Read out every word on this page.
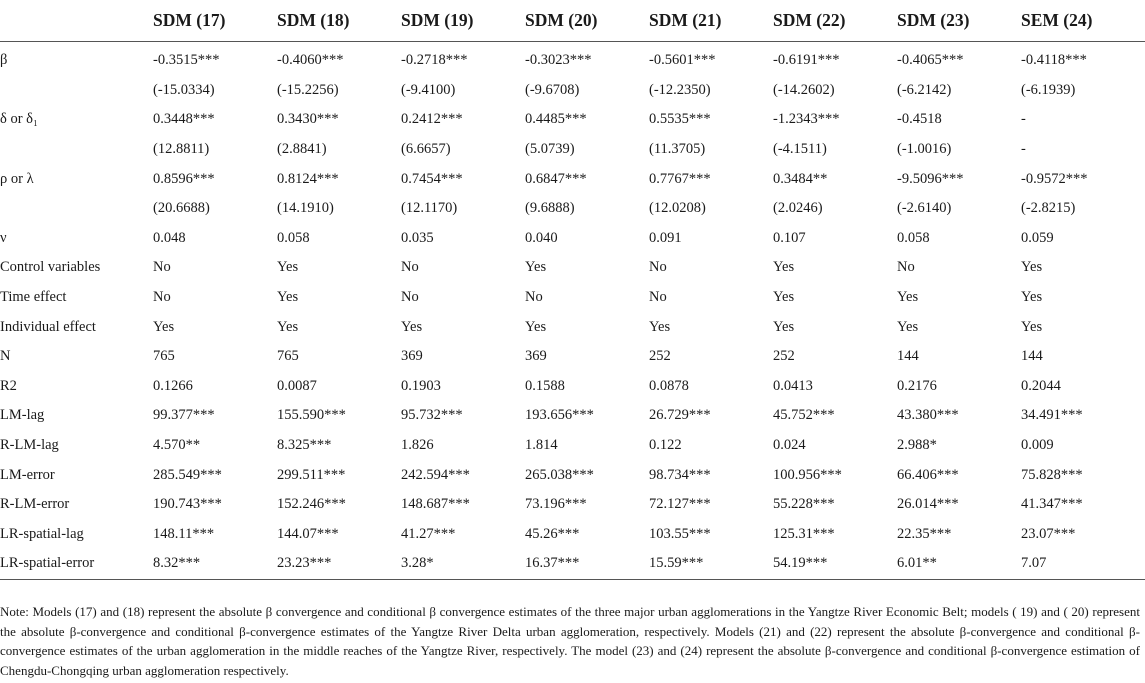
	SDM (17)	SDM (18)	SDM (19)	SDM (20)	SDM (21)	SDM (22)	SDM (23)	SEM (24)
β	-0.3515***	-0.4060***	-0.2718***	-0.3023***	-0.5601***	-0.6191***	-0.4065***	-0.4118***
	(-15.0334)	(-15.2256)	(-9.4100)	(-9.6708)	(-12.2350)	(-14.2602)	(-6.2142)	(-6.1939)
δ or δ₁	0.3448***	0.3430***	0.2412***	0.4485***	0.5535***	-1.2343***	-0.4518	-
	(12.8811)	(2.8841)	(6.6657)	(5.0739)	(11.3705)	(-4.1511)	(-1.0016)	-
ρ or λ	0.8596***	0.8124***	0.7454***	0.6847***	0.7767***	0.3484**	-9.5096***	-0.9572***
	(20.6688)	(14.1910)	(12.1170)	(9.6888)	(12.0208)	(2.0246)	(-2.6140)	(-2.8215)
ν	0.048	0.058	0.035	0.040	0.091	0.107	0.058	0.059
Control variables	No	Yes	No	Yes	No	Yes	No	Yes
Time effect	No	Yes	No	No	No	Yes	Yes	Yes
Individual effect	Yes	Yes	Yes	Yes	Yes	Yes	Yes	Yes
N	765	765	369	369	252	252	144	144
R2	0.1266	0.0087	0.1903	0.1588	0.0878	0.0413	0.2176	0.2044
LM-lag	99.377***	155.590***	95.732***	193.656***	26.729***	45.752***	43.380***	34.491***
R-LM-lag	4.570**	8.325***	1.826	1.814	0.122	0.024	2.988*	0.009
LM-error	285.549***	299.511***	242.594***	265.038***	98.734***	100.956***	66.406***	75.828***
R-LM-error	190.743***	152.246***	148.687***	73.196***	72.127***	55.228***	26.014***	41.347***
LR-spatial-lag	148.11***	144.07***	41.27***	45.26***	103.55***	125.31***	22.35***	23.07***
LR-spatial-error	8.32***	23.23***	3.28*	16.37***	15.59***	54.19***	6.01**	7.07
Note: Models (17) and (18) represent the absolute β convergence and conditional β convergence estimates of the three major urban agglomerations in the Yangtze River Economic Belt; models ( 19) and ( 20) represent the absolute β-convergence and conditional β-convergence estimates of the Yangtze River Delta urban agglomeration, respectively. Models (21) and (22) represent the absolute β-convergence and conditional β-convergence estimates of the urban agglomeration in the middle reaches of the Yangtze River, respectively. The model (23) and (24) represent the absolute β-convergence and conditional β-convergence estimation of Chengdu-Chongqing urban agglomeration respectively.
